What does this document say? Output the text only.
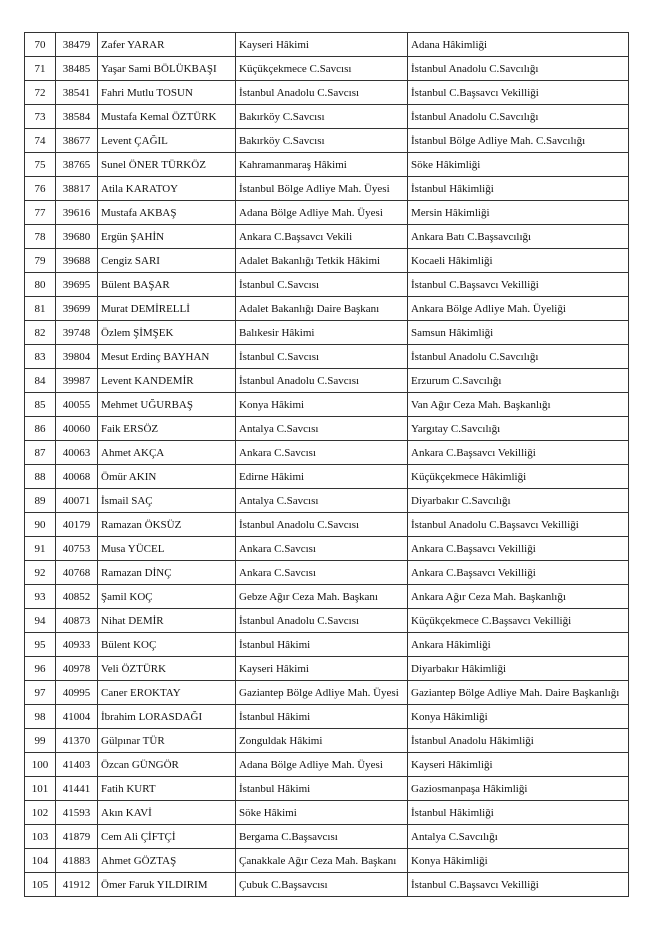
70	38479	Zafer YARAR	Kayseri Hâkimi	Adana Hâkimliği
71	38485	Yaşar Sami BÖLÜKBAŞI	Küçükçekmece C.Savcısı	İstanbul Anadolu C.Savcılığı
72	38541	Fahri Mutlu TOSUN	İstanbul Anadolu C.Savcısı	İstanbul C.Başsavcı Vekilliği
73	38584	Mustafa Kemal ÖZTÜRK	Bakırköy C.Savcısı	İstanbul Anadolu C.Savcılığı
74	38677	Levent ÇAĞIL	Bakırköy C.Savcısı	İstanbul Bölge Adliye Mah. C.Savcılığı
75	38765	Sunel ÖNER TÜRKÖZ	Kahramanmaraş Hâkimi	Söke Hâkimliği
76	38817	Atila KARATOY	İstanbul Bölge Adliye Mah. Üyesi	İstanbul Hâkimliği
77	39616	Mustafa AKBAŞ	Adana Bölge Adliye Mah. Üyesi	Mersin Hâkimliği
78	39680	Ergün ŞAHİN	Ankara C.Başsavcı Vekili	Ankara Batı C.Başsavcılığı
79	39688	Cengiz SARI	Adalet Bakanlığı Tetkik Hâkimi	Kocaeli Hâkimliği
80	39695	Bülent BAŞAR	İstanbul C.Savcısı	İstanbul C.Başsavcı Vekilliği
81	39699	Murat DEMİRELLİ	Adalet Bakanlığı Daire Başkanı	Ankara Bölge Adliye Mah. Üyeliği
82	39748	Özlem ŞİMŞEK	Balıkesir Hâkimi	Samsun Hâkimliği
83	39804	Mesut Erdinç BAYHAN	İstanbul C.Savcısı	İstanbul Anadolu C.Savcılığı
84	39987	Levent KANDEMİR	İstanbul Anadolu C.Savcısı	Erzurum C.Savcılığı
85	40055	Mehmet UĞURBAŞ	Konya Hâkimi	Van Ağır Ceza Mah. Başkanlığı
86	40060	Faik ERSÖZ	Antalya C.Savcısı	Yargıtay C.Savcılığı
87	40063	Ahmet AKÇA	Ankara C.Savcısı	Ankara C.Başsavcı Vekilliği
88	40068	Ömür AKIN	Edirne Hâkimi	Küçükçekmece Hâkimliği
89	40071	İsmail SAÇ	Antalya C.Savcısı	Diyarbakır C.Savcılığı
90	40179	Ramazan ÖKSÜZ	İstanbul Anadolu C.Savcısı	İstanbul Anadolu C.Başsavcı Vekilliği
91	40753	Musa YÜCEL	Ankara C.Savcısı	Ankara C.Başsavcı Vekilliği
92	40768	Ramazan DİNÇ	Ankara C.Savcısı	Ankara C.Başsavcı Vekilliği
93	40852	Şamil KOÇ	Gebze Ağır Ceza Mah. Başkanı	Ankara Ağır Ceza Mah. Başkanlığı
94	40873	Nihat DEMİR	İstanbul Anadolu C.Savcısı	Küçükçekmece C.Başsavcı Vekilliği
95	40933	Bülent KOÇ	İstanbul Hâkimi	Ankara Hâkimliği
96	40978	Veli ÖZTÜRK	Kayseri Hâkimi	Diyarbakır Hâkimliği
97	40995	Caner EROKTAY	Gaziantep Bölge Adliye Mah. Üyesi	Gaziantep Bölge Adliye Mah. Daire Başkanlığı
98	41004	İbrahim LORASDAĞI	İstanbul Hâkimi	Konya Hâkimliği
99	41370	Gülpınar TÜR	Zonguldak Hâkimi	İstanbul Anadolu Hâkimliği
100	41403	Özcan GÜNGÖR	Adana Bölge Adliye Mah. Üyesi	Kayseri Hâkimliği
101	41441	Fatih KURT	İstanbul Hâkimi	Gaziosmanpaşa Hâkimliği
102	41593	Akın KAVİ	Söke Hâkimi	İstanbul Hâkimliği
103	41879	Cem Ali ÇİFTÇİ	Bergama C.Başsavcısı	Antalya C.Savcılığı
104	41883	Ahmet GÖZTAŞ	Çanakkale Ağır Ceza Mah. Başkanı	Konya Hâkimliği
105	41912	Ömer Faruk YILDIRIM	Çubuk C.Başsavcısı	İstanbul C.Başsavcı Vekilliği
